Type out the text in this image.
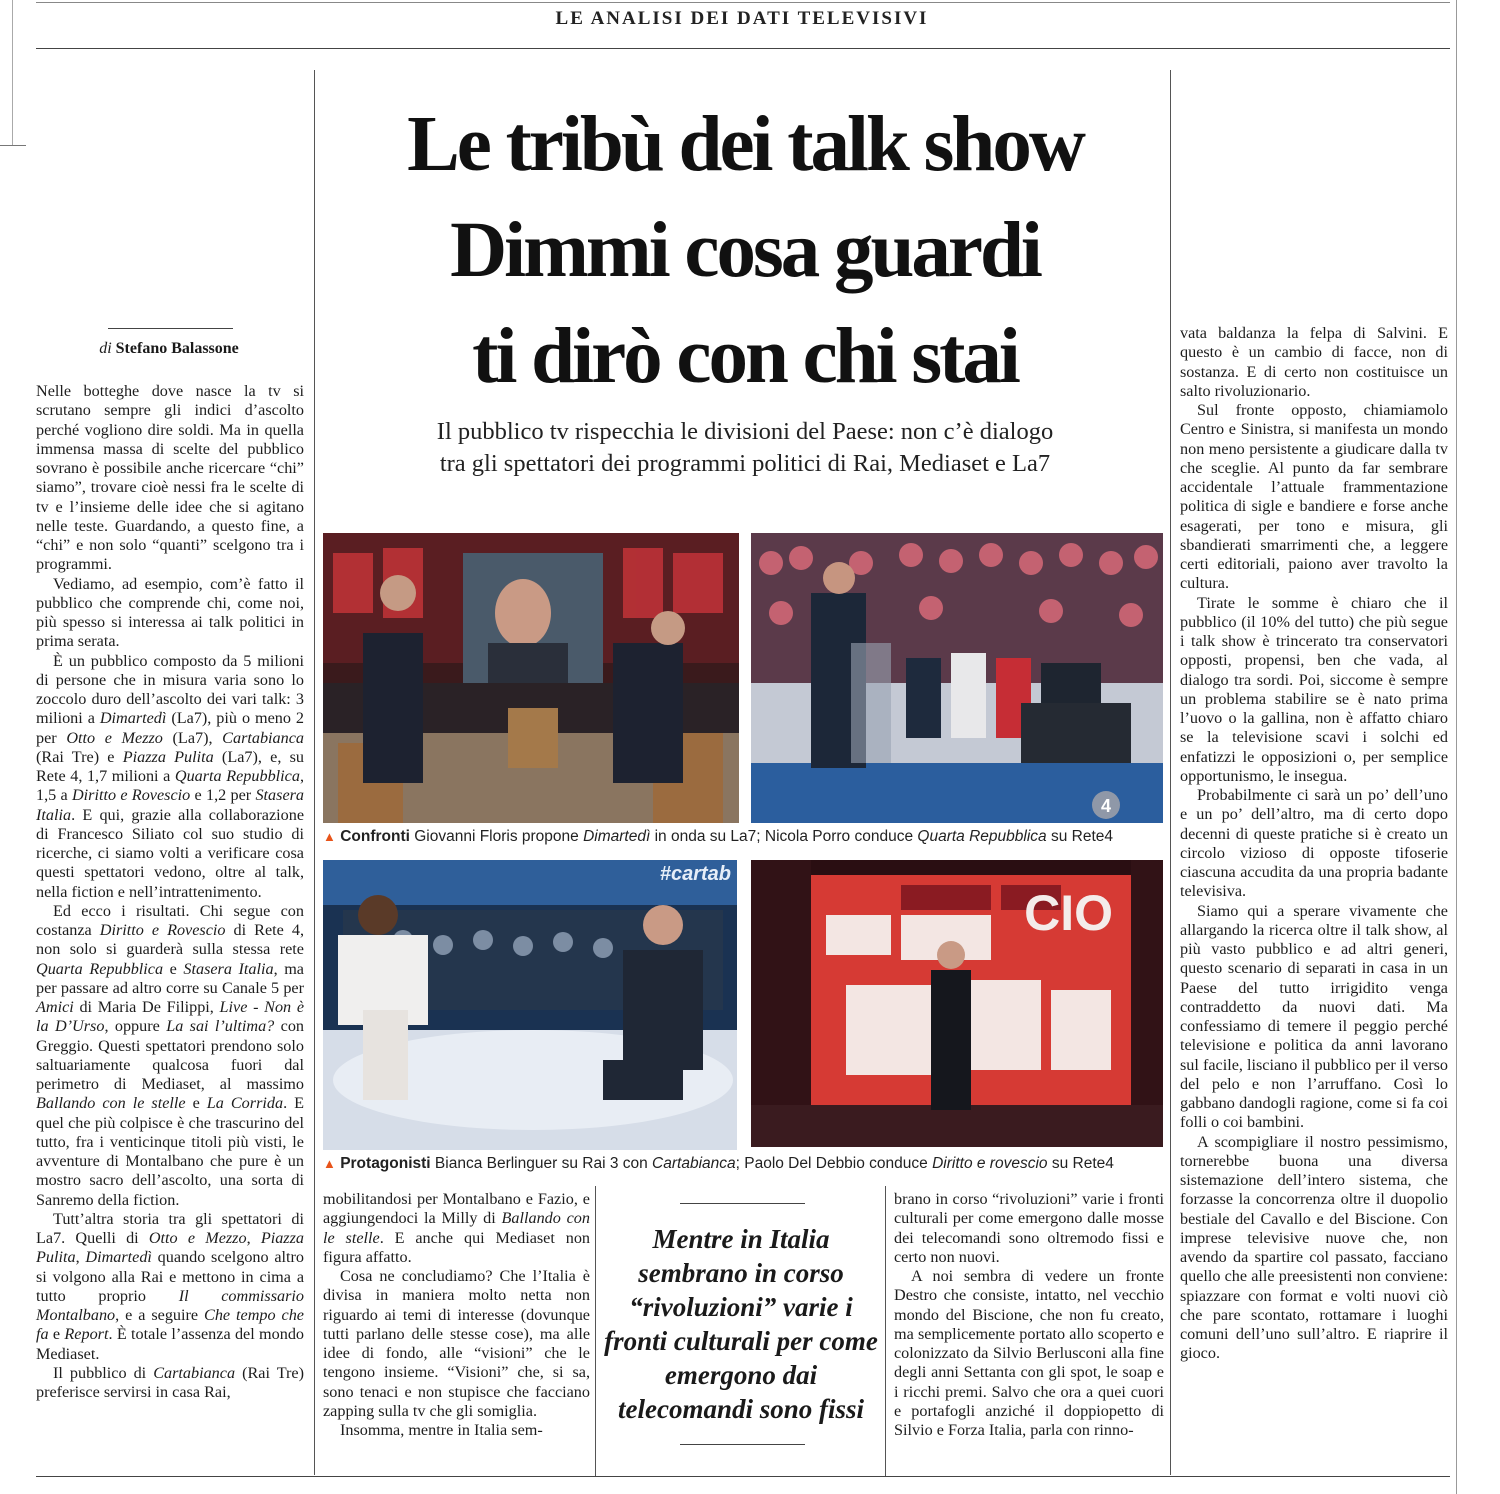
LE ANALISI DEI DATI TELEVISIVI
Le tribù dei talk show
Dimmi cosa guardi
ti dirò con chi stai
Il pubblico tv rispecchia le divisioni del Paese: non c’è dialogo
tra gli spettatori dei programmi politici di Rai, Mediaset e La7
di Stefano Balassone

Nelle botteghe dove nasce la tv si scrutano sempre gli indici d’ascolto perché vogliono dire soldi. Ma in quella immensa massa di scelte del pubblico sovrano è possibile anche ricercare “chi” siamo”, trovare cioè nessi fra le scelte di tv e l’insieme delle idee che si agitano nelle teste. Guardando, a questo fine, a “chi” e non solo “quanti” scelgono tra i programmi.

Vediamo, ad esempio, com’è fatto il pubblico che comprende chi, come noi, più spesso si interessa ai talk politici in prima serata.

È un pubblico composto da 5 milioni di persone che in misura varia sono lo zoccolo duro dell’ascolto dei vari talk: 3 milioni a Dimartedì (La7), più o meno 2 per Otto e Mezzo (La7), Cartabianca (Rai Tre) e Piazza Pulita (La7), e, su Rete 4, 1,7 milioni a Quarta Repubblica, 1,5 a Diritto e Rovescio e 1,2 per Stasera Italia. E qui, grazie alla collaborazione di Francesco Siliato col suo studio di ricerche, ci siamo volti a verificare cosa questi spettatori vedono, oltre al talk, nella fiction e nell’intrattenimento.

Ed ecco i risultati. Chi segue con costanza Diritto e Rovescio di Rete 4, non solo si guarderà sulla stessa rete Quarta Repubblica e Stasera Italia, ma per passare ad altro corre su Canale 5 per Amici di Maria De Filippi, Live - Non è la D’Urso, oppure La sai l’ultima? con Greggio. Questi spettatori prendono solo saltuariamente qualcosa fuori dal perimetro di Mediaset, al massimo Ballando con le stelle e La Corrida. E quel che più colpisce è che trascurino del tutto, fra i venticinque titoli più visti, le avventure di Montalbano che pure è un mostro sacro dell’ascolto, una sorta di Sanremo della fiction.

Tutt’altra storia tra gli spettatori di La7. Quelli di Otto e Mezzo, Piazza Pulita, Dimartedì quando scelgono altro si volgono alla Rai e mettono in cima a tutto proprio Il commissario Montalbano, e a seguire Che tempo che fa e Report. È totale l’assenza del mondo Mediaset.

Il pubblico di Cartabianca (Rai Tre) preferisce servirsi in casa Rai,

4
▲ Confronti Giovanni Floris propone Dimartedì in onda su La7; Nicola Porro conduce Quarta Repubblica su Rete4
#cartab
CIO
▲ Protagonisti Bianca Berlinguer su Rai 3 con Cartabianca; Paolo Del Debbio conduce Diritto e rovescio su Rete4

mobilitandosi per Montalbano e Fazio, e aggiungendoci la Milly di Ballando con le stelle. E anche qui Mediaset non figura affatto.

Cosa ne concludiamo? Che l’Italia è divisa in maniera molto netta non riguardo ai temi di interesse (dovunque tutti parlano delle stesse cose), ma alle idee di fondo, alle “visioni” che le tengono insieme. “Visioni” che, si sa, sono tenaci e non stupisce che facciano zapping sulla tv che gli somiglia.

Insomma, mentre in Italia sem-

Mentre in Italia sembrano in corso “rivoluzioni” varie i fronti culturali per come emergono dai telecomandi sono fissi

brano in corso “rivoluzioni” varie i fronti culturali per come emergono dalle mosse dei telecomandi sono oltremodo fissi e certo non nuovi.

A noi sembra di vedere un fronte Destro che consiste, intatto, nel vecchio mondo del Biscione, che non fu creato, ma semplicemente portato allo scoperto e colonizzato da Silvio Berlusconi alla fine degli anni Settanta con gli spot, le soap e i ricchi premi. Salvo che ora a quei cuori e portafogli anziché il doppiopetto di Silvio e Forza Italia, parla con rinno-

vata baldanza la felpa di Salvini. E questo è un cambio di facce, non di sostanza. E di certo non costituisce un salto rivoluzionario.

Sul fronte opposto, chiamiamolo Centro e Sinistra, si manifesta un mondo non meno persistente a giudicare dalla tv che sceglie. Al punto da far sembrare accidentale l’attuale frammentazione politica di sigle e bandiere e forse anche esagerati, per tono e misura, gli sbandierati smarrimenti che, a leggere certi editoriali, paiono aver travolto la cultura.

Tirate le somme è chiaro che il pubblico (il 10% del tutto) che più segue i talk show è trincerato tra conservatori opposti, propensi, ben che vada, al dialogo tra sordi. Poi, siccome è sempre un problema stabilire se è nato prima l’uovo o la gallina, non è affatto chiaro se la televisione scavi i solchi ed enfatizzi le opposizioni o, per semplice opportunismo, le insegua.

Probabilmente ci sarà un po’ dell’uno e un po’ dell’altro, ma di certo dopo decenni di queste pratiche si è creato un circolo vizioso di opposte tifoserie ciascuna accudita da una propria badante televisiva.

Siamo qui a sperare vivamente che allargando la ricerca oltre il talk show, al più vasto pubblico e ad altri generi, questo scenario di separati in casa in un Paese del tutto irrigidito venga contraddetto da nuovi dati. Ma confessiamo di temere il peggio perché televisione e politica da anni lavorano sul facile, lisciano il pubblico per il verso del pelo e non l’arruffano. Così lo gabbano dandogli ragione, come si fa coi folli o coi bambini.

A scompigliare il nostro pessimismo, tornerebbe buona una diversa sistemazione dell’intero sistema, che forzasse la concorrenza oltre il duopolio bestiale del Cavallo e del Biscione. Con imprese televisive nuove che, non avendo da spartire col passato, facciano quello che alle preesistenti non conviene: spiazzare con format e volti nuovi ciò che pare scontato, rottamare i luoghi comuni dell’uno sull’altro. E riaprire il gioco.
